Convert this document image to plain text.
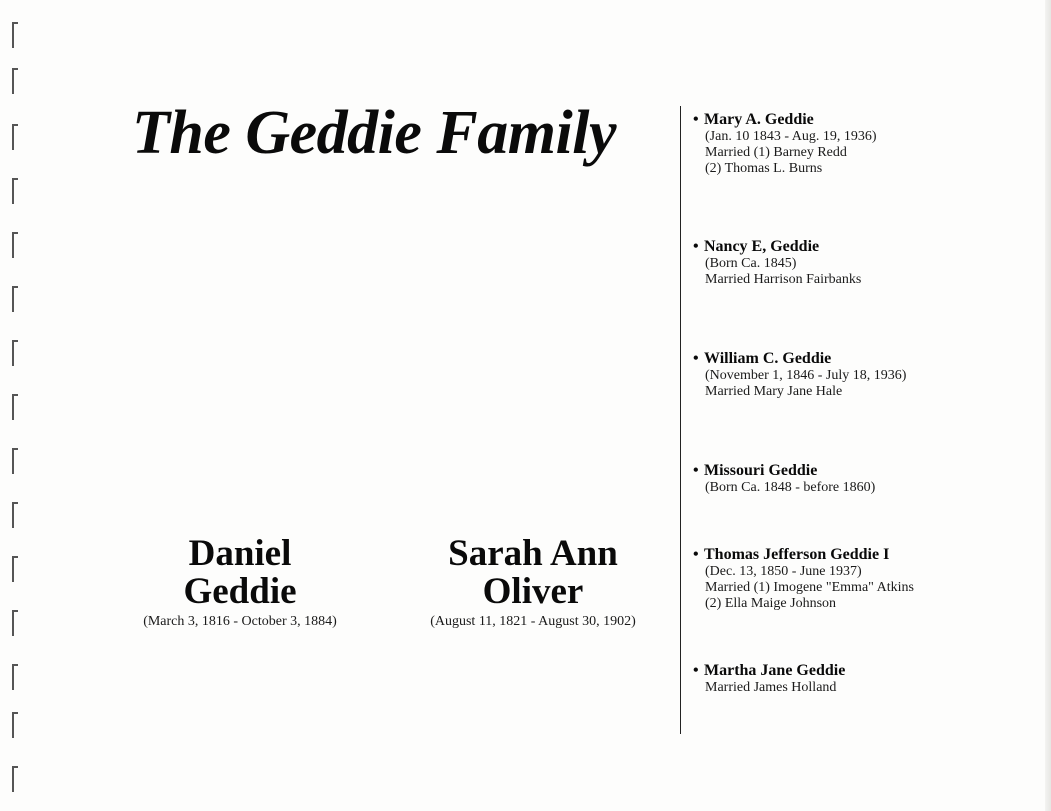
The Geddie Family
Daniel
Geddie
(March 3, 1816 - October 3, 1884)
Sarah Ann
Oliver
(August 11, 1821 - August 30, 1902)
• Mary A. Geddie
(Jan. 10 1843 - Aug. 19, 1936)
Married (1) Barney Redd
(2) Thomas L. Burns
• Nancy E, Geddie
(Born Ca. 1845)
Married Harrison Fairbanks
• William C. Geddie
(November 1, 1846 - July 18, 1936)
Married Mary Jane Hale
• Missouri Geddie
(Born Ca. 1848 - before 1860)
• Thomas Jefferson Geddie I
(Dec. 13, 1850 - June 1937)
Married (1) Imogene "Emma" Atkins
(2) Ella Maige Johnson
• Martha Jane Geddie
Married James Holland
